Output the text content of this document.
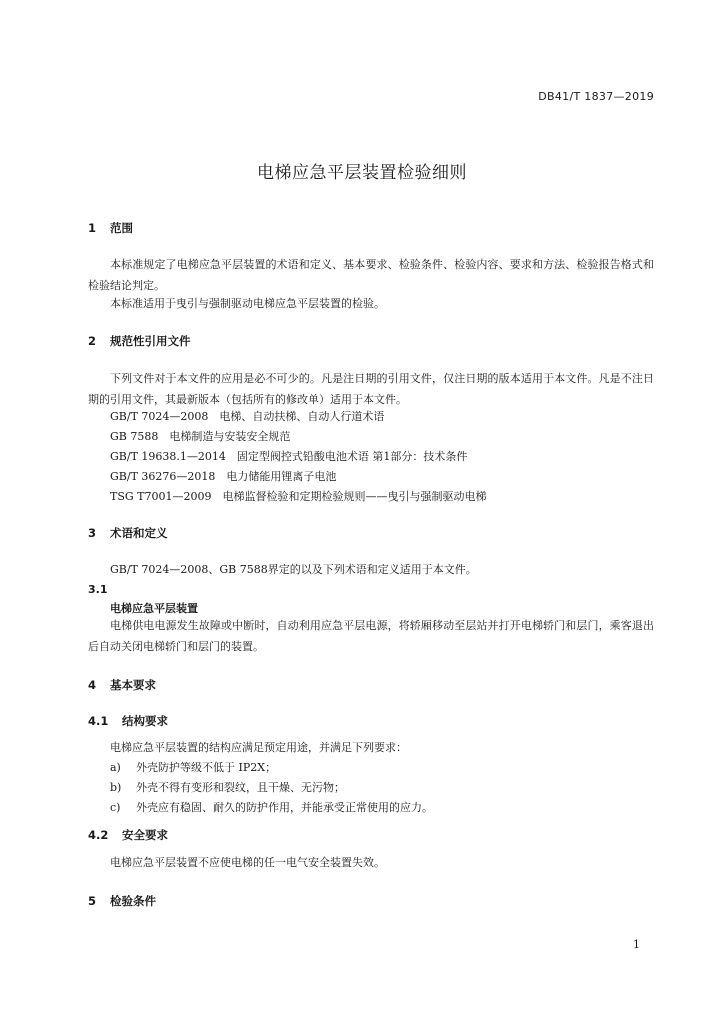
DB41/T 1837—2019
电梯应急平层装置检验细则
1 范围
本标准规定了电梯应急平层装置的术语和定义、基本要求、检验条件、检验内容、要求和方法、检验报告格式和检验结论判定。
本标准适用于曳引与强制驱动电梯应急平层装置的检验。
2 规范性引用文件
下列文件对于本文件的应用是必不可少的。凡是注日期的引用文件，仅注日期的版本适用于本文件。凡是不注日期的引用文件，其最新版本（包括所有的修改单）适用于本文件。
GB/T 7024—2008　电梯、自动扶梯、自动人行道术语
GB 7588　电梯制造与安装安全规范
GB/T 19638.1—2014　固定型阀控式铅酸电池术语 第1部分：技术条件
GB/T 36276—2018　电力储能用锂离子电池
TSG T7001—2009　电梯监督检验和定期检验规则——曳引与强制驱动电梯
3 术语和定义
GB/T 7024—2008、GB 7588界定的以及下列术语和定义适用于本文件。
3.1
电梯应急平层装置
电梯供电电源发生故障或中断时，自动利用应急平层电源，将轿厢移动至层站并打开电梯轿门和层门，乘客退出后自动关闭电梯轿门和层门的装置。
4 基本要求
4.1 结构要求
电梯应急平层装置的结构应满足预定用途，并满足下列要求：
a) 外壳防护等级不低于 IP2X；
b) 外壳不得有变形和裂纹，且干燥、无污物；
c) 外壳应有稳固、耐久的防护作用，并能承受正常使用的应力。
4.2 安全要求
电梯应急平层装置不应使电梯的任一电气安全装置失效。
5 检验条件
1
